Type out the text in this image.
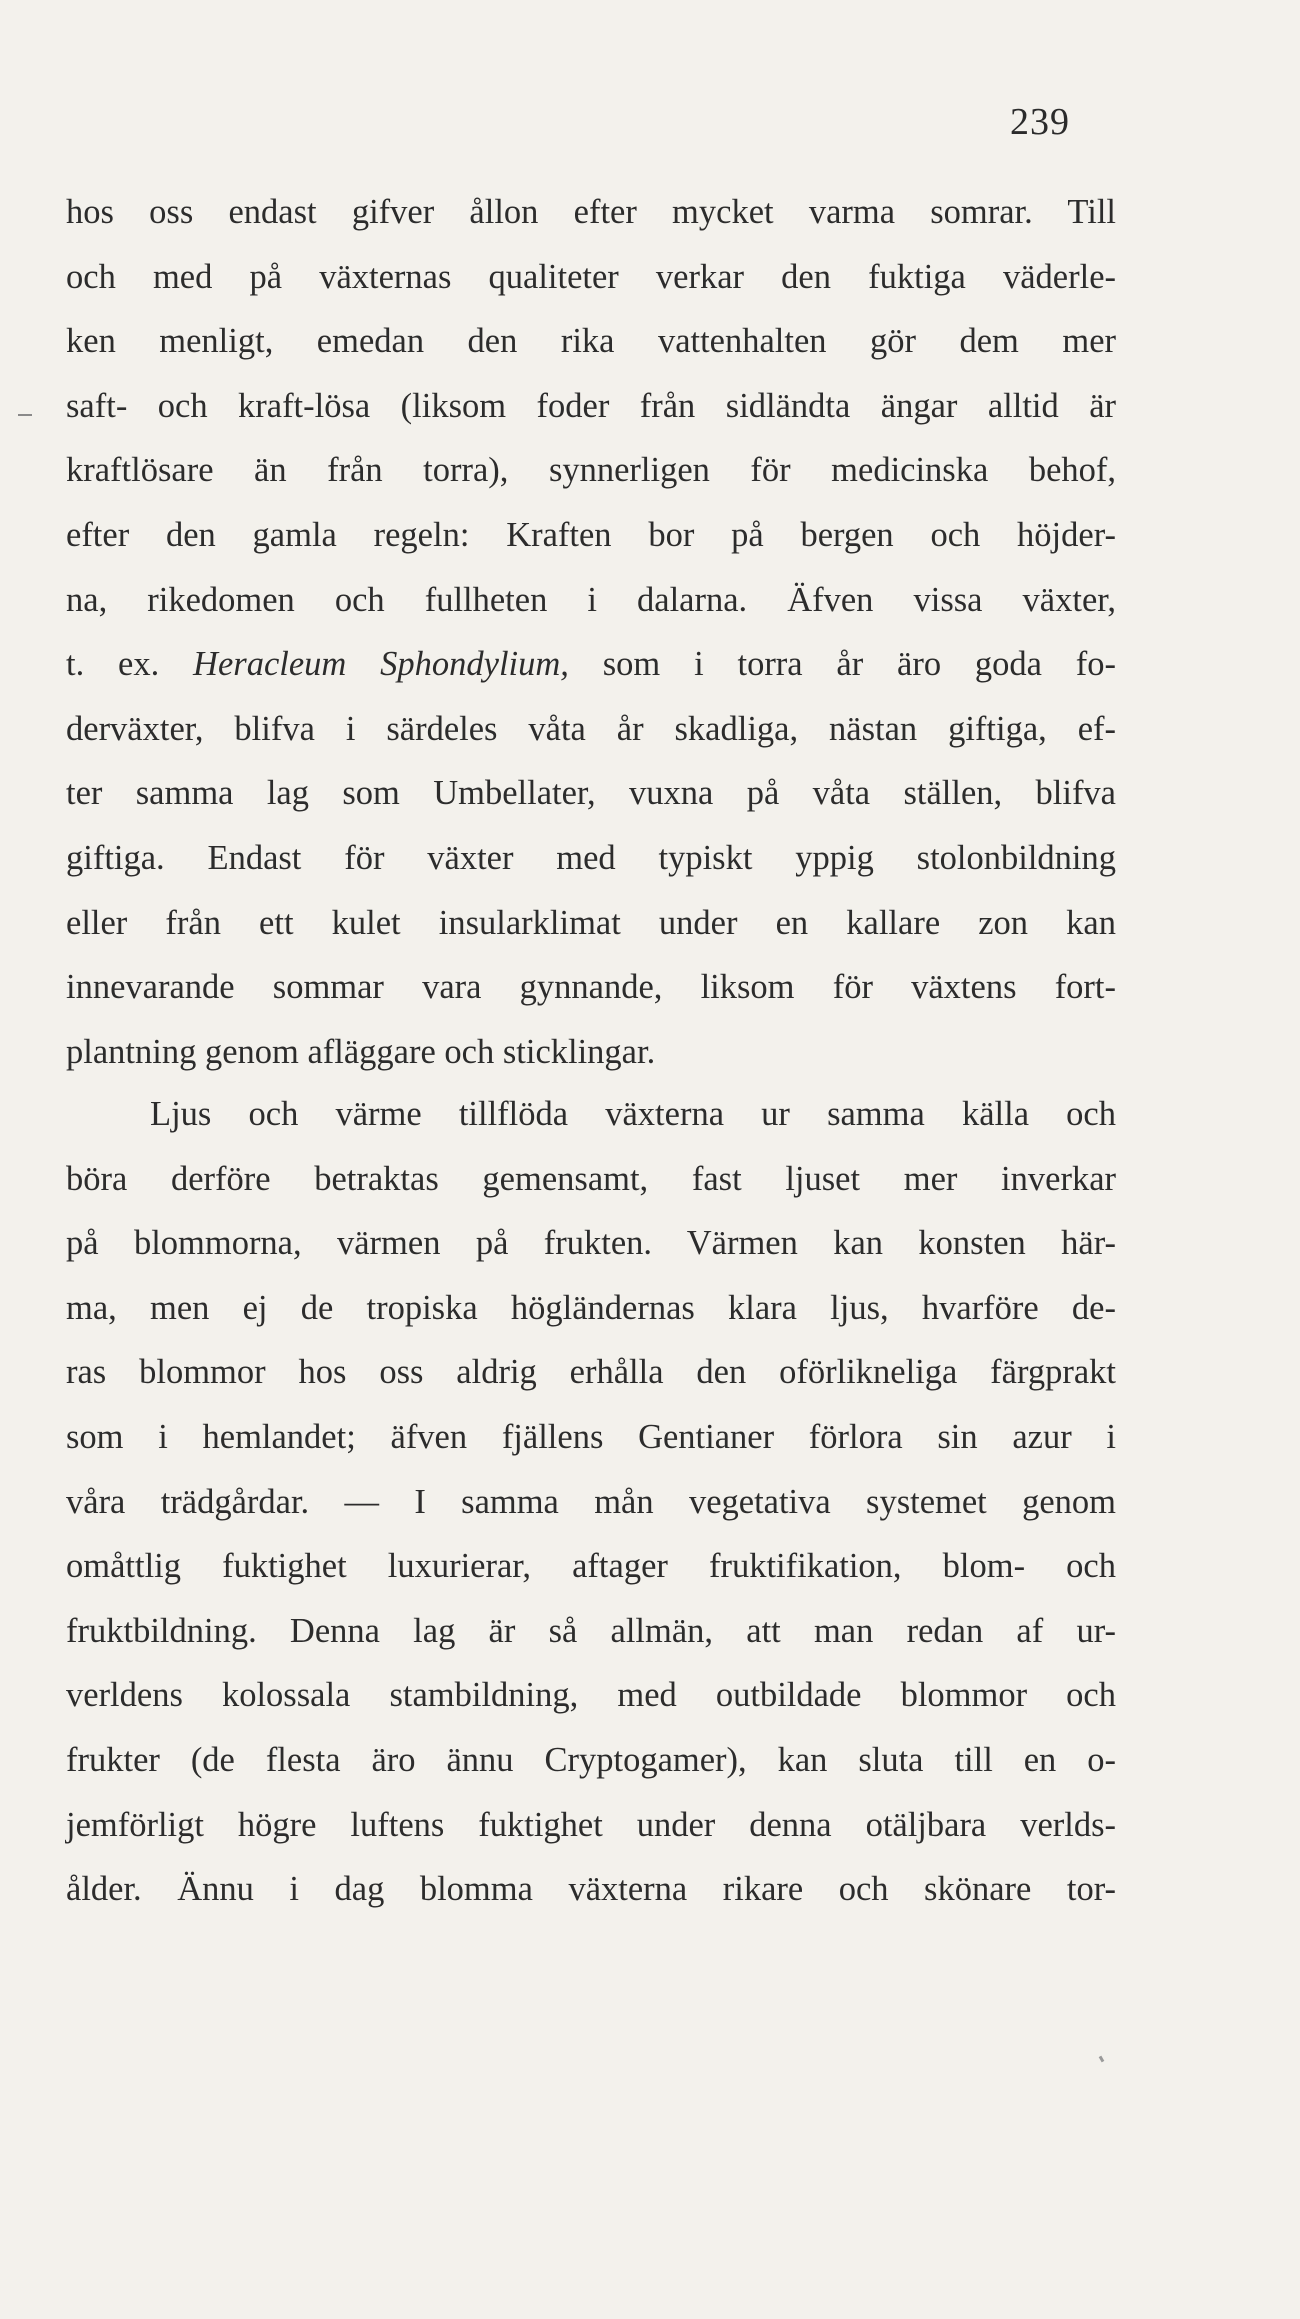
239
hos oss endast gifver ållon efter mycket varma somrar. Till
och med på växternas qualiteter verkar den fuktiga väderle-
ken menligt, emedan den rika vattenhalten gör dem mer
saft- och kraft-lösa (liksom foder från sidländta ängar alltid är
kraftlösare än från torra), synnerligen för medicinska behof,
efter den gamla regeln: Kraften bor på bergen och höjder-
na, rikedomen och fullheten i dalarna. Äfven vissa växter,
t. ex. Heracleum Sphondylium, som i torra år äro goda fo-
derväxter, blifva i särdeles våta år skadliga, nästan giftiga, ef-
ter samma lag som Umbellater, vuxna på våta ställen, blifva
giftiga. Endast för växter med typiskt yppig stolonbildning
eller från ett kulet insularklimat under en kallare zon kan
innevarande sommar vara gynnande, liksom för växtens fort-
plantning genom afläggare och sticklingar.
Ljus och värme tillflöda växterna ur samma källa och
böra derföre betraktas gemensamt, fast ljuset mer inverkar
på blommorna, värmen på frukten. Värmen kan konsten här-
ma, men ej de tropiska högländernas klara ljus, hvarföre de-
ras blommor hos oss aldrig erhålla den oförlikneliga färgprakt
som i hemlandet; äfven fjällens Gentianer förlora sin azur i
våra trädgårdar. — I samma mån vegetativa systemet genom
omåttlig fuktighet luxurierar, aftager fruktifikation, blom- och
fruktbildning. Denna lag är så allmän, att man redan af ur-
verldens kolossala stambildning, med outbildade blommor och
frukter (de flesta äro ännu Cryptogamer), kan sluta till en o-
jemförligt högre luftens fuktighet under denna otäljbara verlds-
ålder. Ännu i dag blomma växterna rikare och skönare tor-
